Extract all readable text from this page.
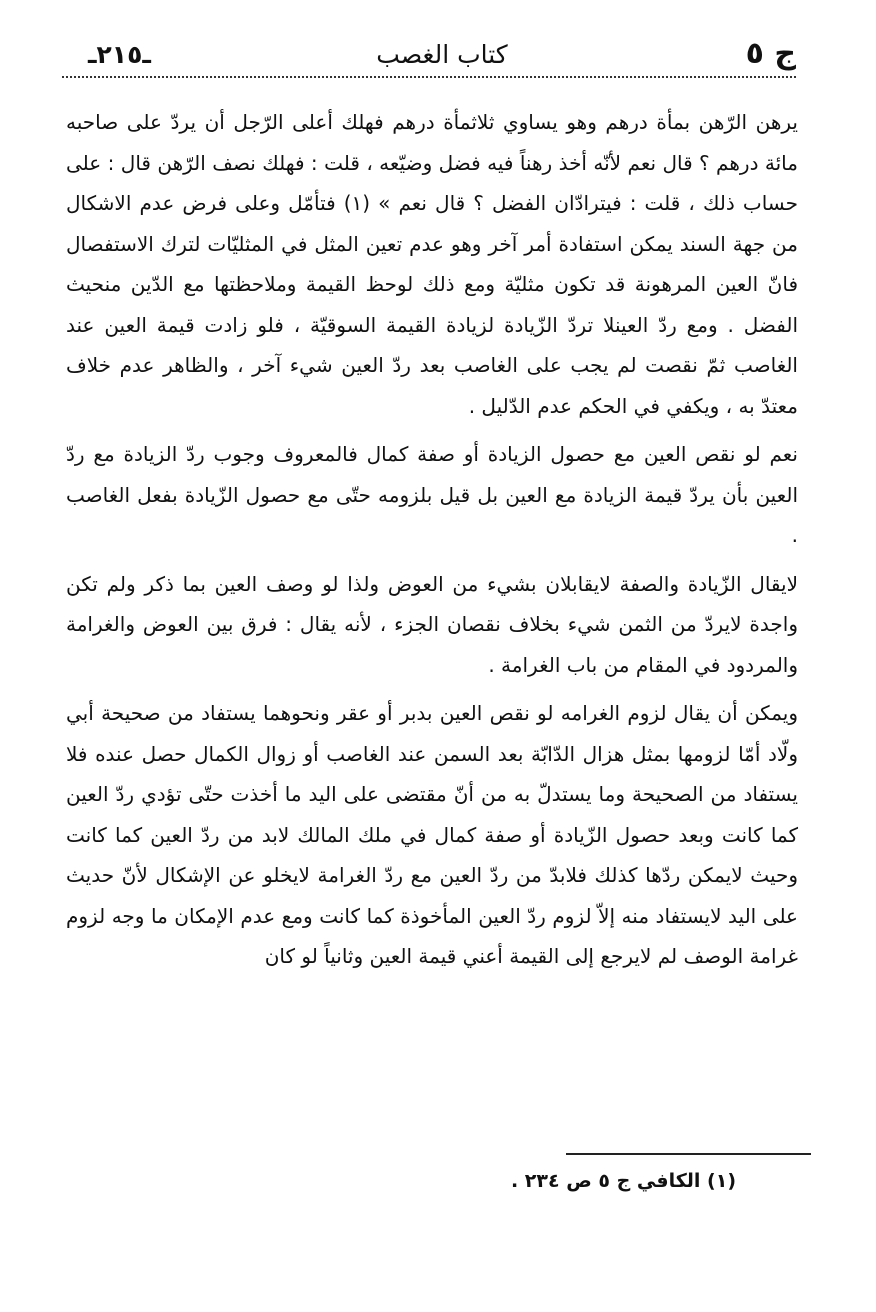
ج ٥
كتاب الغصب
ـ٢١٥ـ

يرهن الرّهن بمأة درهم وهو يساوي ثلاثمأة درهم فهلك أعلى الرّجل أن يردّ على صاحبه مائة درهم ؟ قال نعم لأنّه أخذ رهناً فيه فضل وضيّعه ، قلت : فهلك نصف الرّهن قال : على حساب ذلك ، قلت : فيترادّان الفضل ؟ قال نعم » (١) فتأمّل وعلى فرض عدم الاشكال من جهة السند يمكن استفادة أمر آخر وهو عدم تعين المثل في المثليّات لترك الاستفصال فانّ العين المرهونة قد تكون مثليّة ومع ذلك لوحظ القيمة وملاحظتها مع الدّين منحيث الفضل . ومع ردّ العينلا تردّ الزّيادة لزيادة القيمة السوقيّة ، فلو زادت قيمة العين عند الغاصب ثمّ نقصت لم يجب على الغاصب بعد ردّ العين شيء آخر ، والظاهر عدم خلاف معتدّ به ، ويكفي في الحكم عدم الدّليل .

نعم لو نقص العين مع حصول الزيادة أو صفة كمال فالمعروف وجوب ردّ الزيادة مع ردّ العين بأن يردّ قيمة الزيادة مع العين بل قيل بلزومه حتّى مع حصول الزّيادة بفعل الغاصب .

لايقال الزّيادة والصفة لايقابلان بشيء من العوض ولذا لو وصف العين بما ذكر ولم تكن واجدة لايردّ من الثمن شيء بخلاف نقصان الجزء ، لأنه يقال : فرق بين العوض والغرامة والمردود في المقام من باب الغرامة .

ويمكن أن يقال لزوم الغرامه لو نقص العين بدبر أو عقر ونحوهما يستفاد من صحيحة أبي ولّاد أمّا لزومها بمثل هزال الدّابّة بعد السمن عند الغاصب أو زوال الكمال حصل عنده فلا يستفاد من الصحيحة وما يستدلّ به من أنّ مقتضى على اليد ما أخذت حتّى تؤدي ردّ العين كما كانت وبعد حصول الزّيادة أو صفة كمال في ملك المالك لابد من ردّ العين كما كانت وحيث لايمكن ردّها كذلك فلابدّ من ردّ العين مع ردّ الغرامة لايخلو عن الإشكال لأنّ حديث على اليد لايستفاد منه إلاّ لزوم ردّ العين المأخوذة كما كانت ومع عدم الإمكان ما وجه لزوم غرامة الوصف لم لايرجع إلى القيمة أعني قيمة العين وثانياً لو كان

(١) الكافي ج ٥ ص ٢٣٤ .
